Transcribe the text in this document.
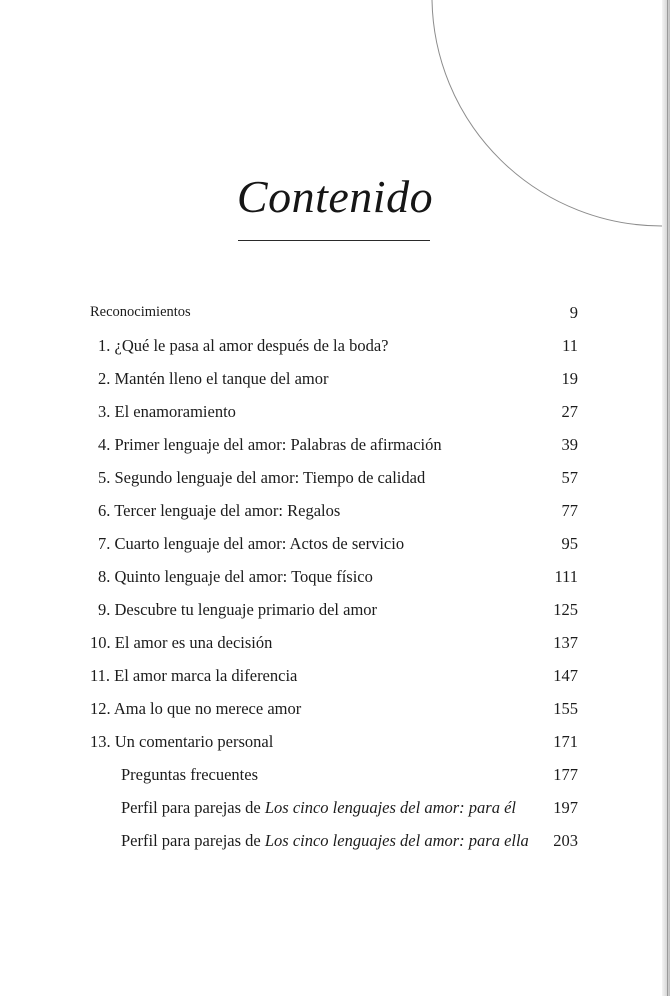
Contenido
Reconocimientos	9
1. ¿Qué le pasa al amor después de la boda?	11
2. Mantén lleno el tanque del amor	19
3. El enamoramiento	27
4. Primer lenguaje del amor: Palabras de afirmación	39
5. Segundo lenguaje del amor: Tiempo de calidad	57
6. Tercer lenguaje del amor: Regalos	77
7. Cuarto lenguaje del amor: Actos de servicio	95
8. Quinto lenguaje del amor: Toque físico	111
9. Descubre tu lenguaje primario del amor	125
10. El amor es una decisión	137
11. El amor marca la diferencia	147
12. Ama lo que no merece amor	155
13. Un comentario personal	171
Preguntas frecuentes	177
Perfil para parejas de Los cinco lenguajes del amor: para él 197
Perfil para parejas de Los cinco lenguajes del amor: para ella 203
